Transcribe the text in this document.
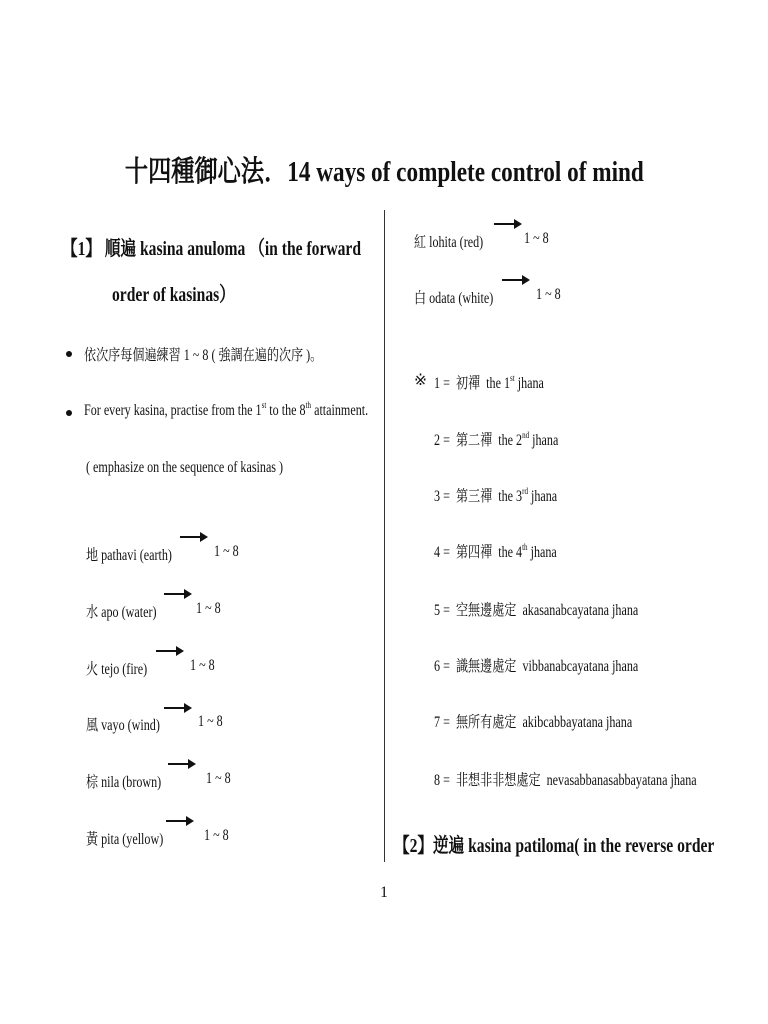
十四種御心法．14 ways of complete control of mind
【1】 順遍 kasina anuloma （in the forward
order of kasinas）
依次序每個遍練習 1 ~ 8 ( 強調在遍的次序 )。
For every kasina, practise from the 1st to the 8th attainment.
( emphasize on the sequence of kasinas )
地 pathavi (earth)	1 ~ 8
水 apo (water)	1 ~ 8
火 tejo (fire)	1 ~ 8
風 vayo (wind)	1 ~ 8
棕 nila (brown)	1 ~ 8
黃 pita (yellow)	1 ~ 8
紅 lohita (red)	1 ~ 8
白 odata (white)	1 ~ 8
※ 1 = 初禪 the 1st jhana
2 = 第二禪 the 2nd jhana
3 = 第三禪 the 3rd jhana
4 = 第四禪 the 4th jhana
5 = 空無邊處定 akasanabcayatana jhana
6 = 識無邊處定 vibbanabcayatana jhana
7 = 無所有處定 akibcabbayatana jhana
8 = 非想非非想處定 nevasabbanasabbayatana jhana
【2】逆遍 kasina patiloma( in the reverse order
1
